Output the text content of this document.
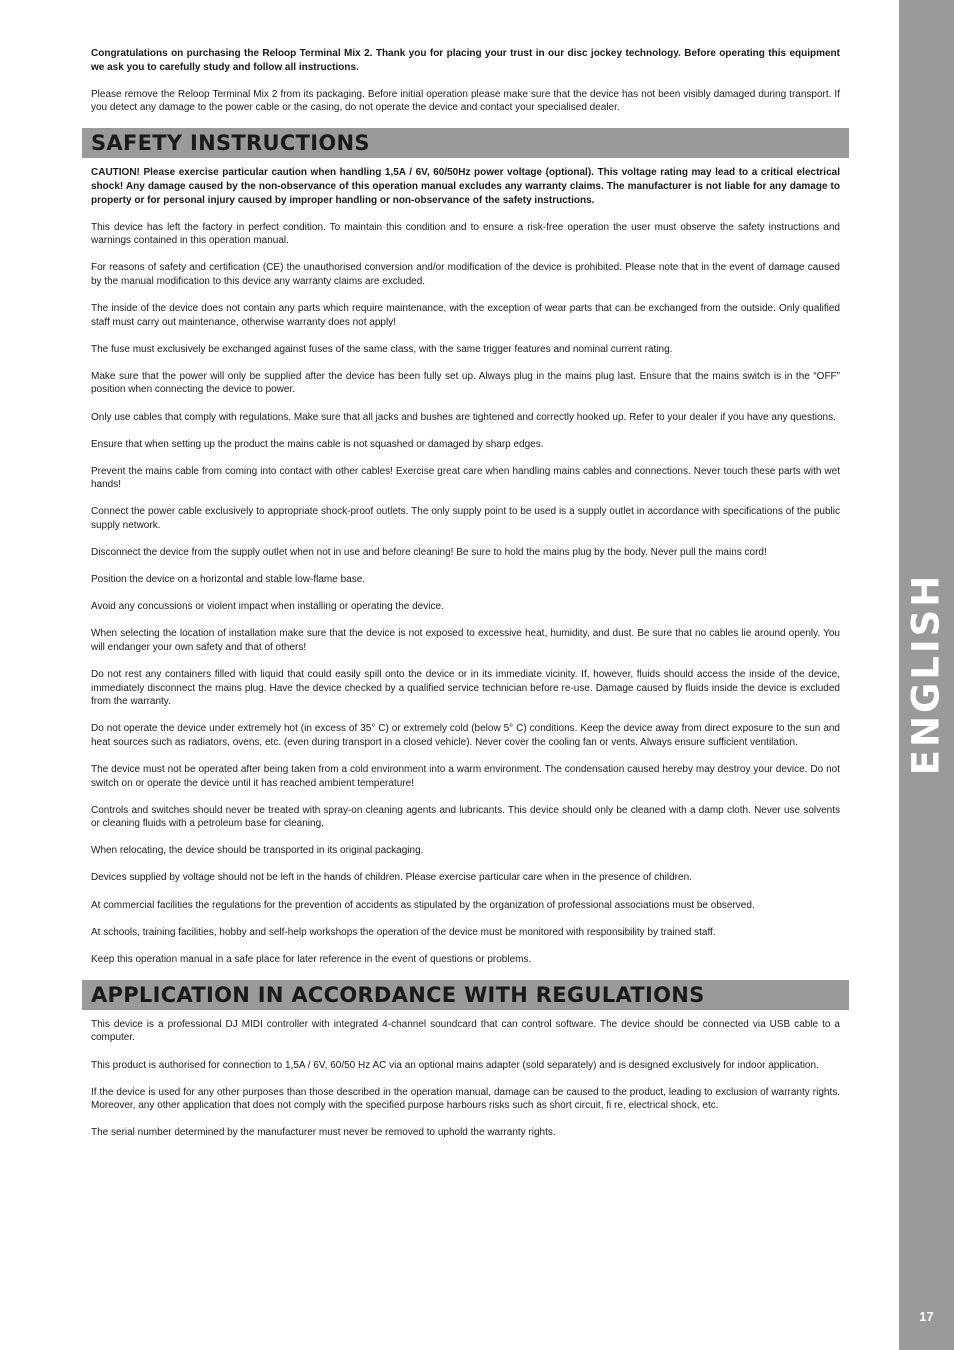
ENGLISH
17

Congratulations on purchasing the Reloop Terminal Mix 2. Thank you for placing your trust in our disc jockey technology. Before operating this equipment we ask you to carefully study and follow all instructions.

Please remove the Reloop Terminal Mix 2 from its packaging. Before initial operation please make sure that the device has not been visibly damaged during transport. If you detect any damage to the power cable or the casing, do not operate the device and contact your specialised dealer.

SAFETY INSTRUCTIONS

CAUTION! Please exercise particular caution when handling 1,5A / 6V, 60/50Hz power voltage (optional). This voltage rating may lead to a critical electrical shock! Any damage caused by the non-observance of this operation manual excludes any warranty claims. The manufacturer is not liable for any damage to property or for personal injury caused by improper handling or non-observance of the safety instructions.

This device has left the factory in perfect condition. To maintain this condition and to ensure a risk-free operation the user must observe the safety instructions and warnings contained in this operation manual.

For reasons of safety and certification (CE) the unauthorised conversion and/or modification of the device is prohibited. Please note that in the event of damage caused by the manual modification to this device any warranty claims are excluded.

The inside of the device does not contain any parts which require maintenance, with the exception of wear parts that can be exchanged from the outside. Only qualified staff must carry out maintenance, otherwise warranty does not apply!

The fuse must exclusively be exchanged against fuses of the same class, with the same trigger features and nominal current rating.

Make sure that the power will only be supplied after the device has been fully set up. Always plug in the mains plug last. Ensure that the mains switch is in the “OFF” position when connecting the device to power.

Only use cables that comply with regulations. Make sure that all jacks and bushes are tightened and correctly hooked up. Refer to your dealer if you have any questions.

Ensure that when setting up the product the mains cable is not squashed or damaged by sharp edges.

Prevent the mains cable from coming into contact with other cables! Exercise great care when handling mains cables and connections. Never touch these parts with wet hands!

Connect the power cable exclusively to appropriate shock-proof outlets. The only supply point to be used is a supply outlet in accordance with specifications of the public supply network.

Disconnect the device from the supply outlet when not in use and before cleaning! Be sure to hold the mains plug by the body. Never pull the mains cord!

Position the device on a horizontal and stable low-flame base.

Avoid any concussions or violent impact when installing or operating the device.

When selecting the location of installation make sure that the device is not exposed to excessive heat, humidity, and dust. Be sure that no cables lie around openly. You will endanger your own safety and that of others!

Do not rest any containers filled with liquid that could easily spill onto the device or in its immediate vicinity. If, however, fluids should access the inside of the device, immediately disconnect the mains plug. Have the device checked by a qualified service technician before re-use. Damage caused by fluids inside the device is excluded from the warranty.

Do not operate the device under extremely hot (in excess of 35° C) or extremely cold (below 5° C) conditions. Keep the device away from direct exposure to the sun and heat sources such as radiators, ovens, etc. (even during transport in a closed vehicle). Never cover the cooling fan or vents. Always ensure sufficient ventilation.

The device must not be operated after being taken from a cold environment into a warm environment. The condensation caused hereby may destroy your device. Do not switch on or operate the device until it has reached ambient temperature!

Controls and switches should never be treated with spray-on cleaning agents and lubricants. This device should only be cleaned with a damp cloth. Never use solvents or cleaning fluids with a petroleum base for cleaning.

When relocating, the device should be transported in its original packaging.

Devices supplied by voltage should not be left in the hands of children. Please exercise particular care when in the presence of children.

At commercial facilities the regulations for the prevention of accidents as stipulated by the organization of professional associations must be observed.

At schools, training facilities, hobby and self-help workshops the operation of the device must be monitored with responsibility by trained staff.

Keep this operation manual in a safe place for later reference in the event of questions or problems.

APPLICATION IN ACCORDANCE WITH REGULATIONS

This device is a professional DJ MIDI controller with integrated 4-channel soundcard that can control software. The device should be connected via USB cable to a computer.

This product is authorised for connection to 1,5A / 6V, 60/50 Hz AC via an optional mains adapter (sold separately) and is designed exclusively for indoor application.

If the device is used for any other purposes than those described in the operation manual, damage can be caused to the product, leading to exclusion of warranty rights. Moreover, any other application that does not comply with the specified purpose harbours risks such as short circuit, fi re, electrical shock, etc.

The serial number determined by the manufacturer must never be removed to uphold the warranty rights.
